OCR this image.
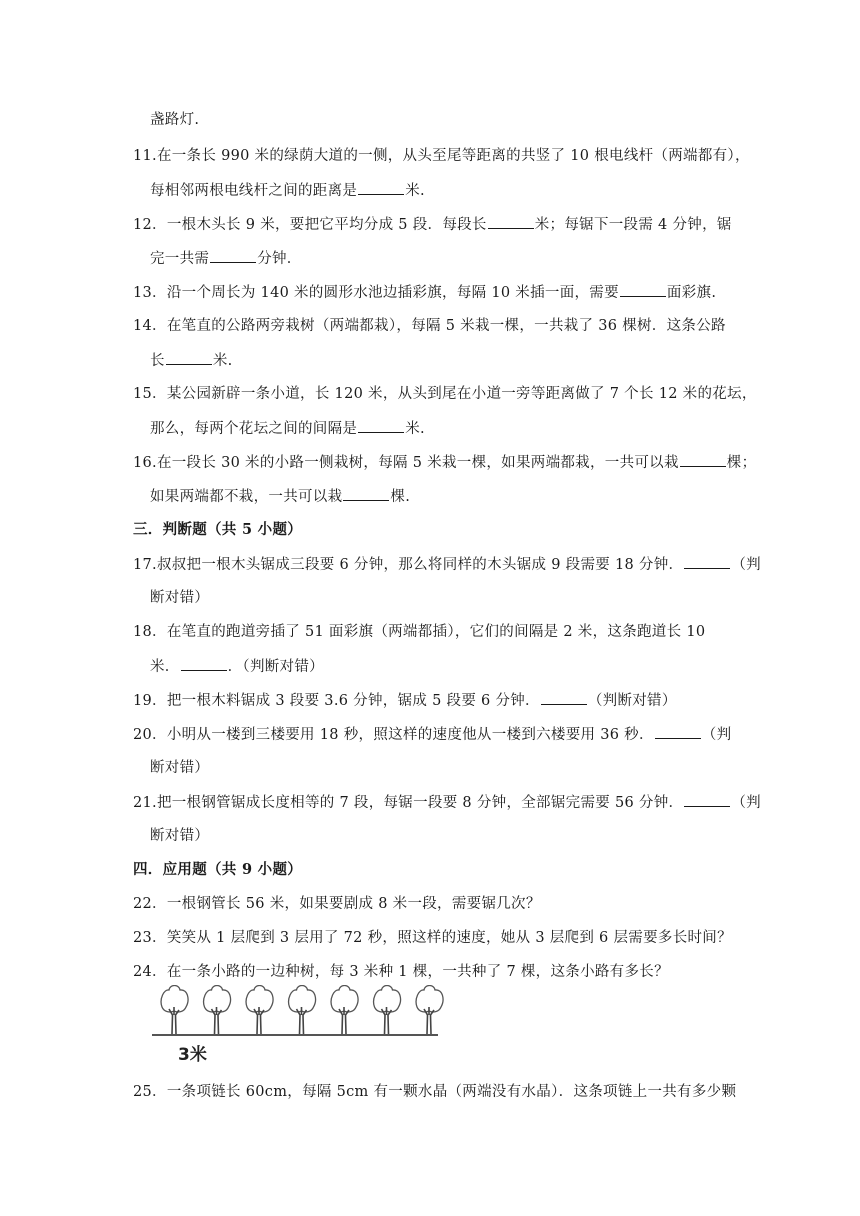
盏路灯.
11.在一条长 990 米的绿荫大道的一侧，从头至尾等距离的共竖了 10 根电线杆（两端都有），
每相邻两根电线杆之间的距离是	米.
12．一根木头长 9 米，要把它平均分成 5 段．每段长	米；每锯下一段需 4 分钟，锯
完一共需	分钟．
13．沿一个周长为 140 米的圆形水池边插彩旗，每隔 10 米插一面，需要	面彩旗.
14．在笔直的公路两旁栽树（两端都栽），每隔 5 米栽一棵，一共栽了 36 棵树．这条公路
长	米.
15．某公园新辟一条小道，长 120 米，从头到尾在小道一旁等距离做了 7 个长 12 米的花坛，
那么，每两个花坛之间的间隔是	米.
16.在一段长 30 米的小路一侧栽树，每隔 5 米栽一棵，如果两端都栽，一共可以栽	棵；
如果两端都不栽，一共可以栽	棵.
三．判断题（共 5 小题）
17.叔叔把一根木头锯成三段要 6 分钟，那么将同样的木头锯成 9 段需要 18 分钟．	（判
断对错）
18．在笔直的跑道旁插了 51 面彩旗（两端都插），它们的间隔是 2 米，这条跑道长 10
米．	．（判断对错）
19．把一根木料锯成 3 段要 3.6 分钟，锯成 5 段要 6 分钟．	（判断对错）
20．小明从一楼到三楼要用 18 秒，照这样的速度他从一楼到六楼要用 36 秒．	（判
断对错）
21.把一根钢管锯成长度相等的 7 段，每锯一段要 8 分钟，全部锯完需要 56 分钟．	（判
断对错）
四．应用题（共 9 小题）
22．一根钢管长 56 米，如果要剧成 8 米一段，需要锯几次？
23．笑笑从 1 层爬到 3 层用了 72 秒，照这样的速度，她从 3 层爬到 6 层需要多长时间？
24．在一条小路的一边种树，每 3 米种 1 棵，一共种了 7 棵，这条小路有多长？
3米
25．一条项链长 60cm，每隔 5cm 有一颗水晶（两端没有水晶）．这条项链上一共有多少颗
